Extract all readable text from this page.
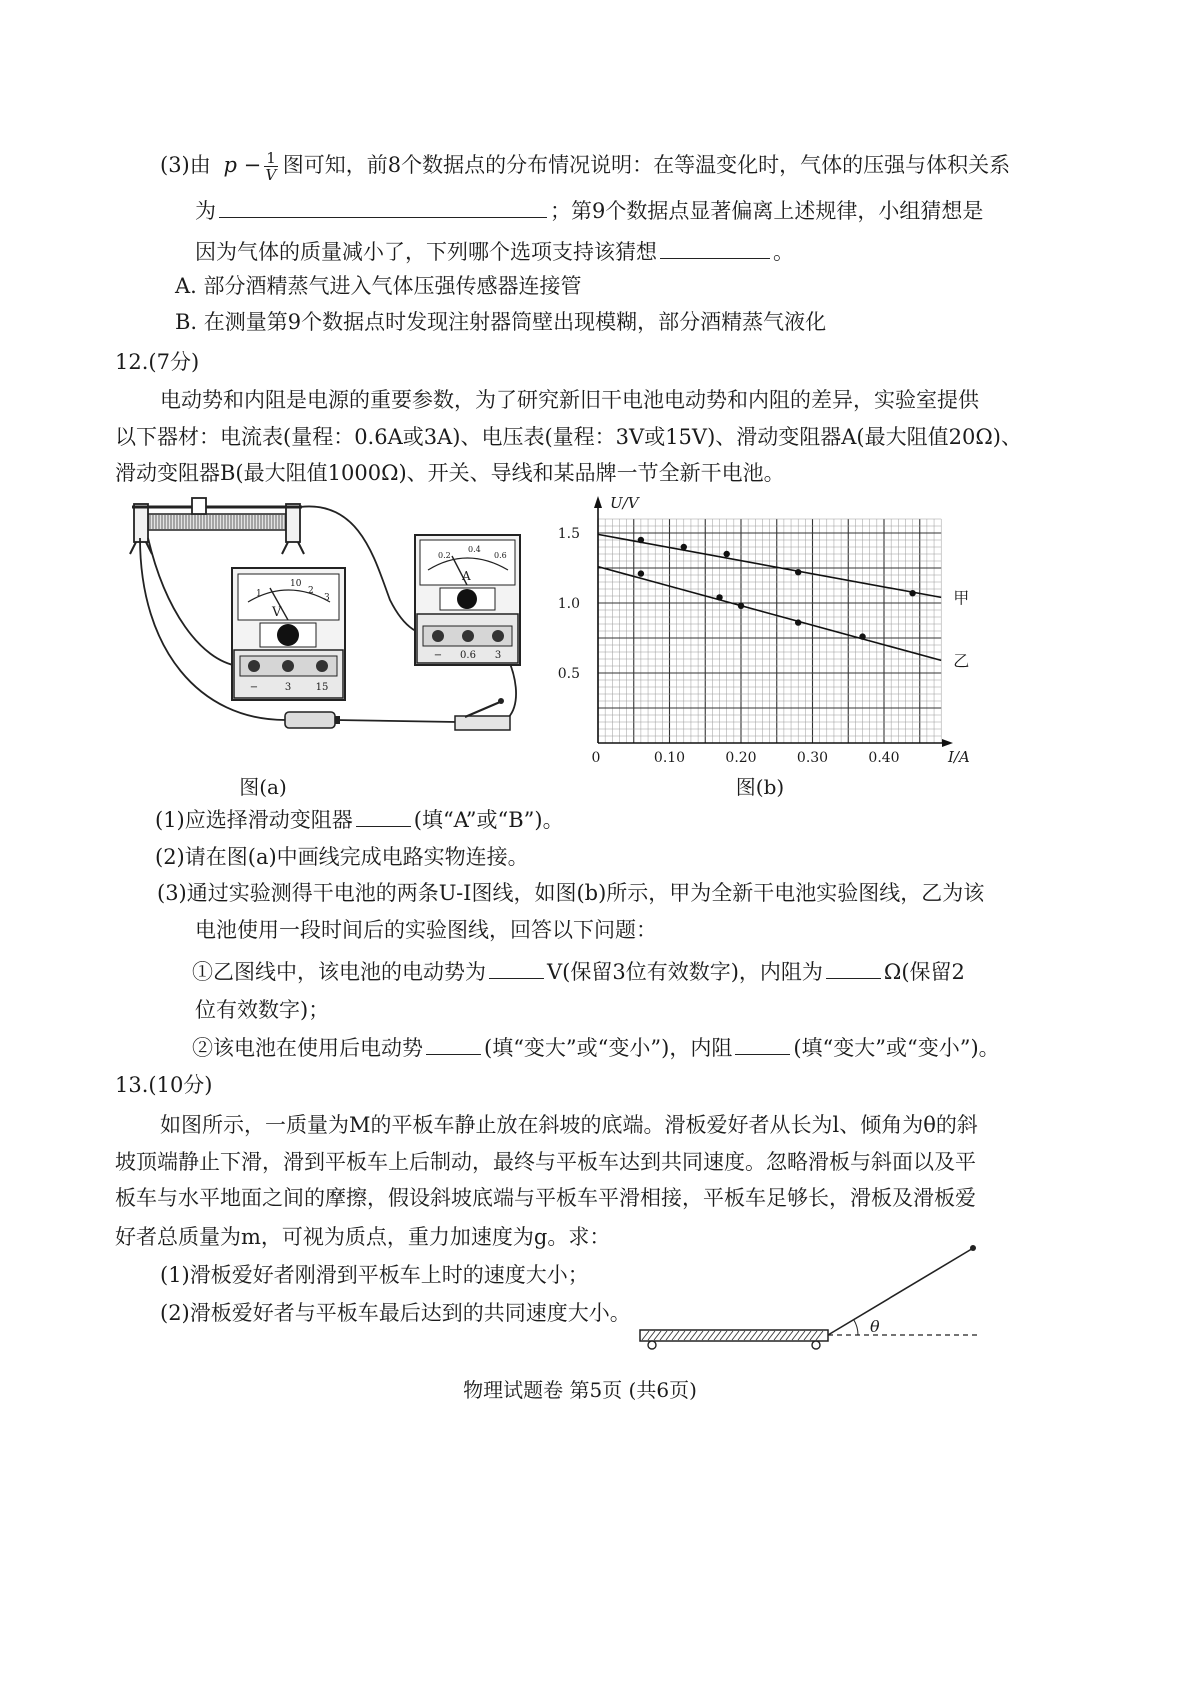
(3)由 $p - \frac{1}{V}$ 图可知，前8个数据点的分布情况说明：在等温变化时，气体的压强与体积关系
为	；第9个数据点显著偏离上述规律，小组猜想是
因为气体的质量减小了，下列哪个选项支持该猜想	。
A. 部分酒精蒸气进入气体压强传感器连接管
B. 在测量第9个数据点时发现注射器筒壁出现模糊，部分酒精蒸气液化
12.(7分)
电动势和内阻是电源的重要参数，为了研究新旧干电池电动势和内阻的差异，实验室提供
以下器材：电流表(量程：0.6A或3A)、电压表(量程：3V或15V)、滑动变阻器A(最大阻值20Ω)、
滑动变阻器B(最大阻值1000Ω)、开关、导线和某品牌一节全新干电池。
V
1
10
2
3
−	3 15
A
0.2
0.4
0.6
− 0.6 3
U/V
I/A
0	0.10	0.20	0.30	0.40
0.5
1.0
1.5
甲
乙
图(a)	图(b)
(1)应选择滑动变阻器	(填“A”或“B”)。
(2)请在图(a)中画线完成电路实物连接。
(3)通过实验测得干电池的两条U-I图线，如图(b)所示，甲为全新干电池实验图线，乙为该
电池使用一段时间后的实验图线，回答以下问题：
①乙图线中，该电池的电动势为	V(保留3位有效数字)，内阻为	Ω(保留2
位有效数字)；
②该电池在使用后电动势	(填“变大”或“变小”)，内阻	(填“变大”或“变小”)。
13.(10分)
如图所示，一质量为M的平板车静止放在斜坡的底端。滑板爱好者从长为l、倾角为θ的斜
坡顶端静止下滑，滑到平板车上后制动，最终与平板车达到共同速度。忽略滑板与斜面以及平
板车与水平地面之间的摩擦，假设斜坡底端与平板车平滑相接，平板车足够长，滑板及滑板爱
好者总质量为m，可视为质点，重力加速度为g。求：
(1)滑板爱好者刚滑到平板车上时的速度大小；
(2)滑板爱好者与平板车最后达到的共同速度大小。
θ
物理试题卷 第5页 (共6页)
